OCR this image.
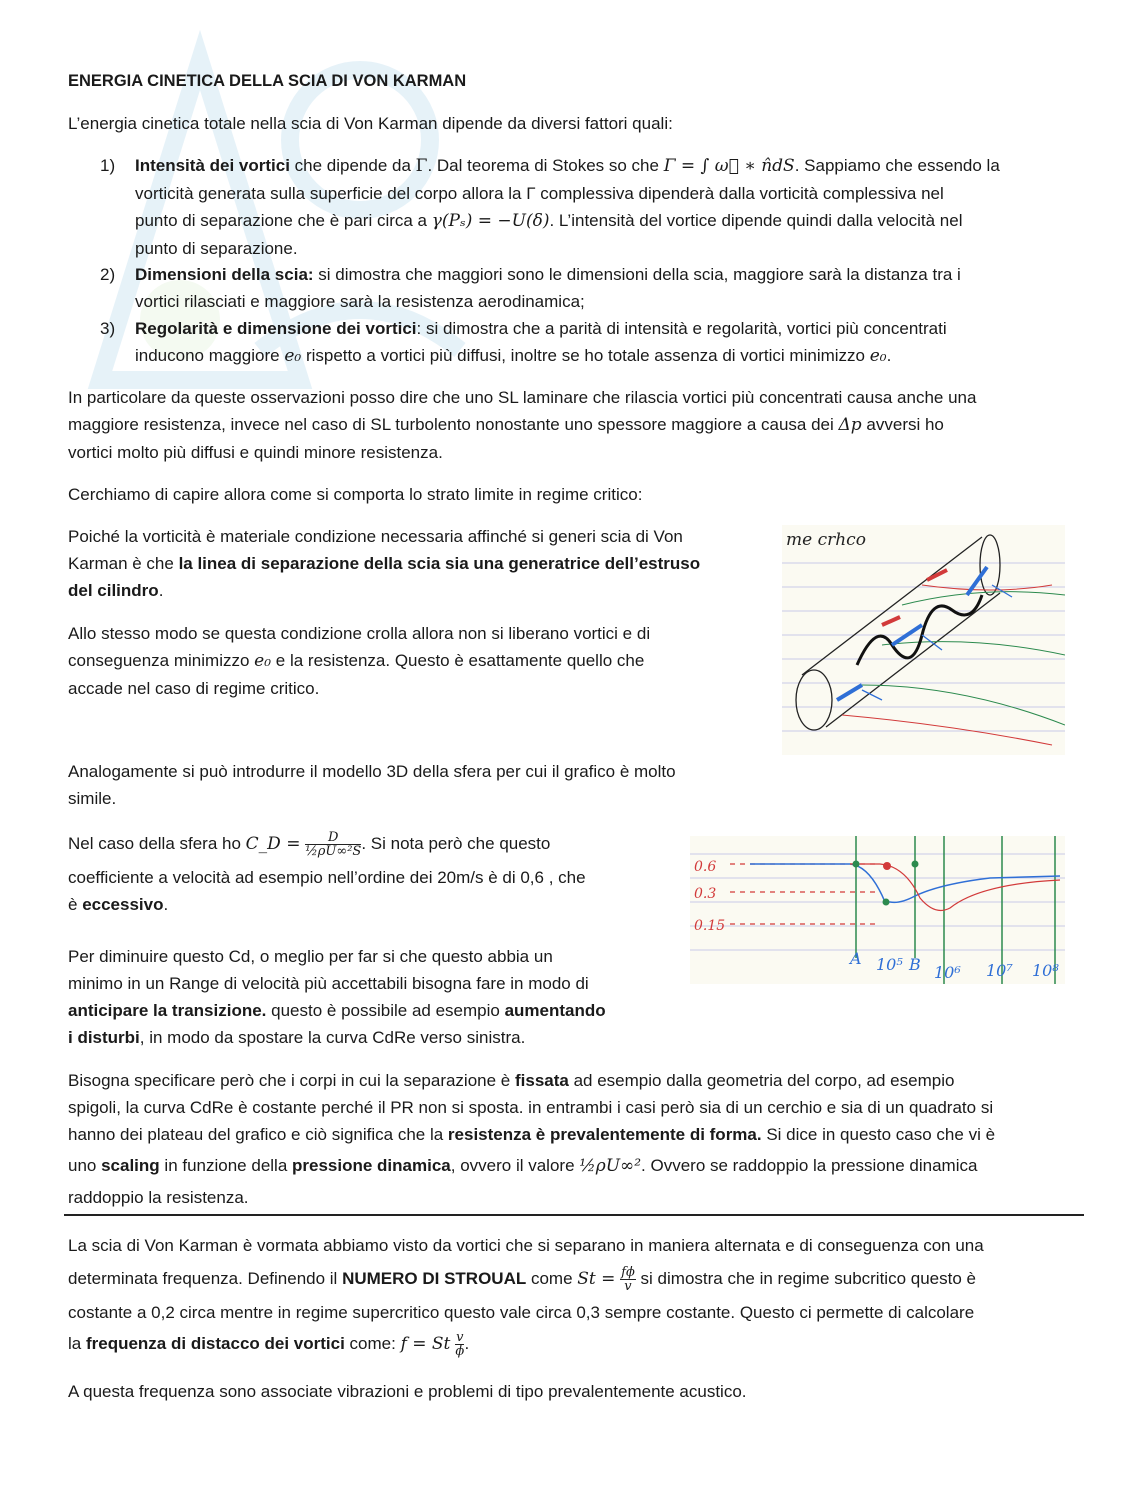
ENERGIA CINETICA DELLA SCIA DI VON KARMAN
L’energia cinetica totale nella scia di Von Karman dipende da diversi fattori quali:
1) Intensità dei vortici che dipende da Γ. Dal teorema di Stokes so che Γ = ∫ ω⃗ ∗ n̂dS. Sappiamo che essendo la
vorticità generata sulla superficie del corpo allora la Γ complessiva dipenderà dalla vorticità complessiva nel
punto di separazione che è pari circa a γ(Pₛ) = −U(δ). L’intensità del vortice dipende quindi dalla velocità nel
punto di separazione.
2) Dimensioni della scia: si dimostra che maggiori sono le dimensioni della scia, maggiore sarà la distanza tra i
vortici rilasciati e maggiore sarà la resistenza aerodinamica;
3) Regolarità e dimensione dei vortici: si dimostra che a parità di intensità e regolarità, vortici più concentrati
inducono maggiore e₀ rispetto a vortici più diffusi, inoltre se ho totale assenza di vortici minimizzo e₀.
In particolare da queste osservazioni posso dire che uno SL laminare che rilascia vortici più concentrati causa anche una
maggiore resistenza, invece nel caso di SL turbolento nonostante uno spessore maggiore a causa dei Δp avversi ho
vortici molto più diffusi e quindi minore resistenza.
Cerchiamo di capire allora come si comporta lo strato limite in regime critico:
Poiché la vorticità è materiale condizione necessaria affinché si generi scia di Von
Karman è che la linea di separazione della scia sia una generatrice dell’estruso
del cilindro.
Allo stesso modo se questa condizione crolla allora non si liberano vortici e di
conseguenza minimizzo e₀ e la resistenza. Questo è esattamente quello che
accade nel caso di regime critico.
me crhco
Analogamente si può introdurre il modello 3D della sfera per cui il grafico è molto
simile.
Nel caso della sfera ho C_D = $\frac{D}{\text{½ρU∞²S}}$ . Si nota però che questo
coefficiente a velocità ad esempio nell’ordine dei 20m/s è di 0,6 , che
è eccessivo.
0.6
0.3
0.15
A 10⁵ B 10⁶ 10⁷ 10⁸
Per diminuire questo Cd, o meglio per far si che questo abbia un
minimo in un Range di velocità più accettabili bisogna fare in modo di
anticipare la transizione. questo è possibile ad esempio aumentando
i disturbi, in modo da spostare la curva CdRe verso sinistra.
Bisogna specificare però che i corpi in cui la separazione è fissata ad esempio dalla geometria del corpo, ad esempio
spigoli, la curva CdRe è costante perché il PR non si sposta. in entrambi i casi però sia di un cerchio e sia di un quadrato si
hanno dei plateau del grafico e ciò significa che la resistenza è prevalentemente di forma. Si dice in questo caso che vi è
uno scaling in funzione della pressione dinamica, ovvero il valore ½ρU∞². Ovvero se raddoppio la pressione dinamica
raddoppio la resistenza.
La scia di Von Karman è vormata abbiamo visto da vortici che si separano in maniera alternata e di conseguenza con una
determinata frequenza. Definendo il NUMERO DI STROUAL come $St = \frac{f\phi}{v}$ si dimostra che in regime subcritico questo è
costante a 0,2 circa mentre in regime supercritico questo vale circa 0,3 sempre costante. Questo ci permette di calcolare
la frequenza di distacco dei vortici come: f = St $\frac{v}{\phi}$ .
A questa frequenza sono associate vibrazioni e problemi di tipo prevalentemente acustico.
